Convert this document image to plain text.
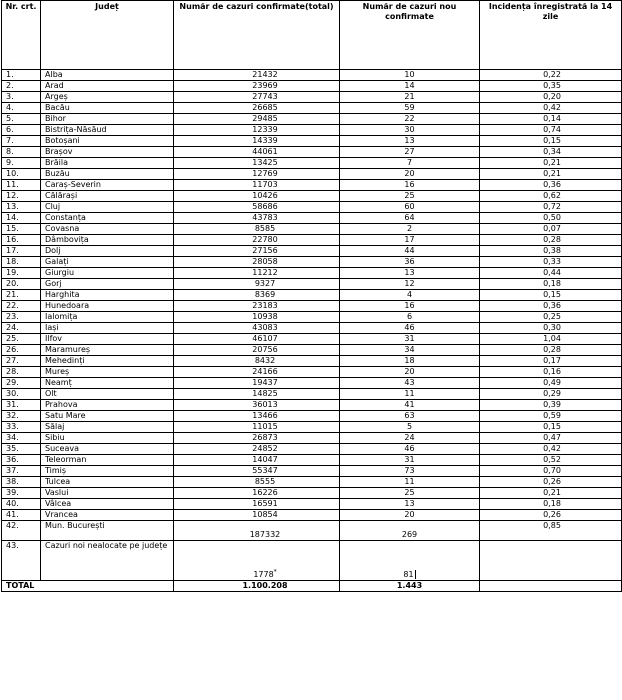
Nr. crt.	Județ	Număr de cazuri confirmate(total)	Număr de cazuri nou confirmate	Incidența înregistrată la 14 zile
1.	Alba	21432	10	0,22
2.	Arad	23969	14	0,35
3.	Argeș	27743	21	0,20
4.	Bacău	26685	59	0,42
5.	Bihor	29485	22	0,14
6.	Bistrița-Năsăud	12339	30	0,74
7.	Botoșani	14339	13	0,15
8.	Brașov	44061	27	0,34
9.	Brăila	13425	7	0,21
10.	Buzău	12769	20	0,21
11.	Caraș-Severin	11703	16	0,36
12.	Călărași	10426	25	0,62
13.	Cluj	58686	60	0,72
14.	Constanța	43783	64	0,50
15.	Covasna	8585	2	0,07
16.	Dâmbovița	22780	17	0,28
17.	Dolj	27156	44	0,38
18.	Galați	28058	36	0,33
19.	Giurgiu	11212	13	0,44
20.	Gorj	9327	12	0,18
21.	Harghita	8369	4	0,15
22.	Hunedoara	23183	16	0,36
23.	Ialomița	10938	6	0,25
24.	Iași	43083	46	0,30
25.	Ilfov	46107	31	1,04
26.	Maramureș	20756	34	0,28
27.	Mehedinți	8432	18	0,17
28.	Mureș	24166	20	0,16
29.	Neamț	19437	43	0,49
30.	Olt	14825	11	0,29
31.	Prahova	36013	41	0,39
32.	Satu Mare	13466	63	0,59
33.	Sălaj	11015	5	0,15
34.	Sibiu	26873	24	0,47
35.	Suceava	24852	46	0,42
36.	Teleorman	14047	31	0,52
37.	Timiș	55347	73	0,70
38.	Tulcea	8555	11	0,26
39.	Vaslui	16226	25	0,21
40.	Vâlcea	16591	13	0,18
41.	Vrancea	10854	20	0,26
42.	Mun. București	187332	269	0,85
43.	Cazuri noi nealocate pe județe	1778*	81	
TOTAL		1.100.208	1.443	
